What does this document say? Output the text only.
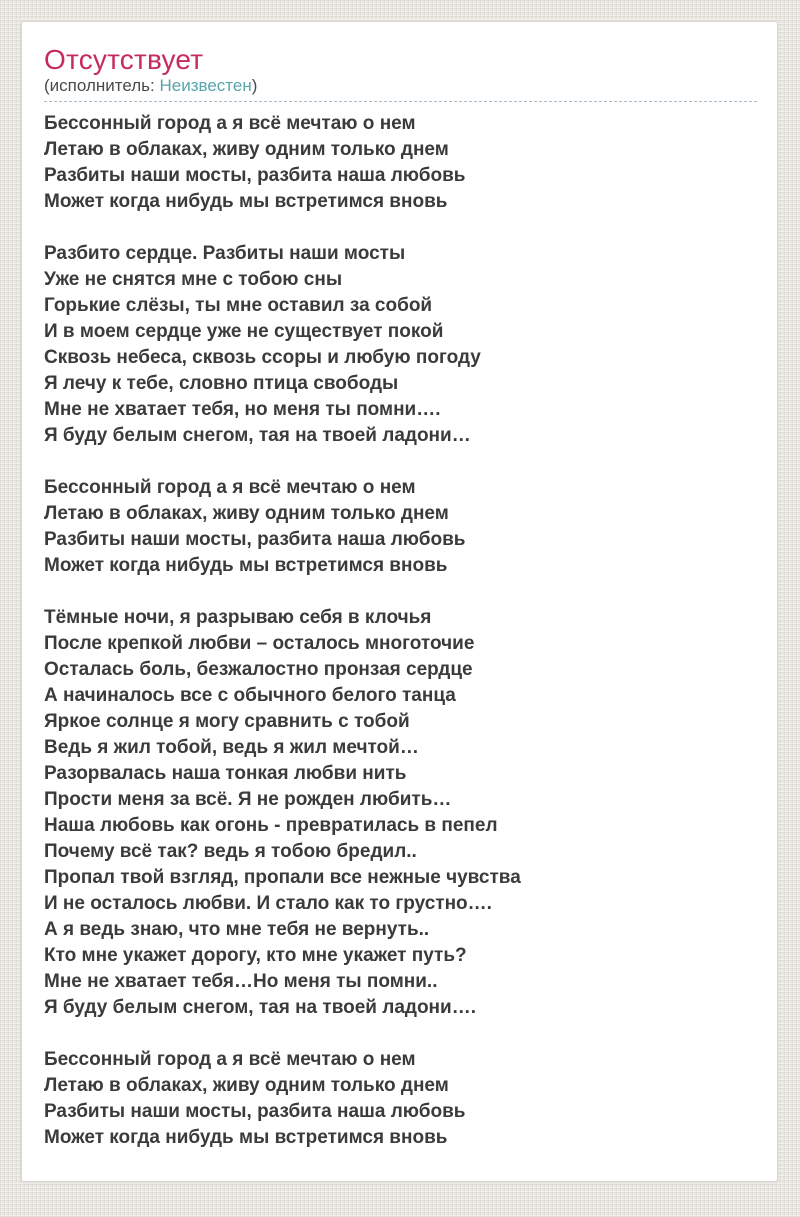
Отсутствует
(исполнитель: Неизвестен)

Бессонный город а я всё мечтаю о нем
Летаю в облаках, живу одним только днем
Разбиты наши мосты, разбита наша любовь
Может когда нибудь мы встретимся вновь

Разбито сердце. Разбиты наши мосты
Уже не снятся мне с тобою сны
Горькие слёзы, ты мне оставил за собой
И в моем сердце уже не существует покой
Сквозь небеса, сквозь ссоры и любую погоду
Я лечу к тебе, словно птица свободы
Мне не хватает тебя, но меня ты помни….
Я буду белым снегом, тая на твоей ладони…

Бессонный город а я всё мечтаю о нем
Летаю в облаках, живу одним только днем
Разбиты наши мосты, разбита наша любовь
Может когда нибудь мы встретимся вновь

Тёмные ночи, я разрываю себя в клочья
После крепкой любви – осталось многоточие
Осталась боль, безжалостно пронзая сердце
А начиналось все с обычного белого танца
Яркое солнце я могу сравнить с тобой
Ведь я жил тобой, ведь я жил мечтой…
Разорвалась наша тонкая любви нить
Прости меня за всё. Я не рожден любить…
Наша любовь как огонь - превратилась в пепел
Почему всё так? ведь я тобою бредил..
Пропал твой взгляд, пропали все нежные чувства
И не осталось любви. И стало как то грустно….
А я ведь знаю, что мне тебя не вернуть..
Кто мне укажет дорогу, кто мне укажет путь?
Мне не хватает тебя…Но меня ты помни..
Я буду белым снегом, тая на твоей ладони….

Бессонный город а я всё мечтаю о нем
Летаю в облаках, живу одним только днем
Разбиты наши мосты, разбита наша любовь
Может когда нибудь мы встретимся вновь
